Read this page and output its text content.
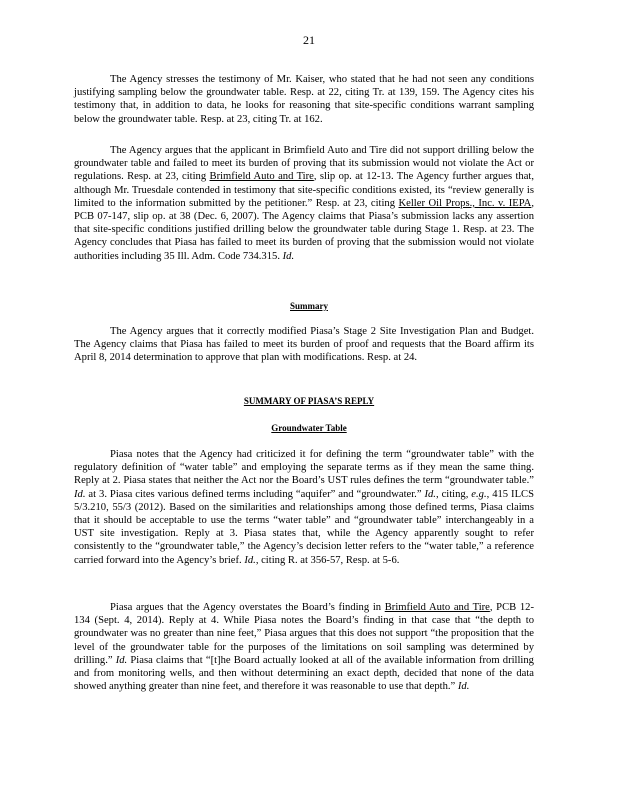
21

The Agency stresses the testimony of Mr. Kaiser, who stated that he had not seen any conditions justifying sampling below the groundwater table. Resp. at 22, citing Tr. at 139, 159. The Agency cites his testimony that, in addition to data, he looks for reasoning that site-specific conditions warrant sampling below the groundwater table. Resp. at 23, citing Tr. at 162.

The Agency argues that the applicant in Brimfield Auto and Tire did not support drilling below the groundwater table and failed to meet its burden of proving that its submission would not violate the Act or regulations. Resp. at 23, citing Brimfield Auto and Tire, slip op. at 12-13. The Agency further argues that, although Mr. Truesdale contended in testimony that site-specific conditions existed, its “review generally is limited to the information submitted by the petitioner.” Resp. at 23, citing Keller Oil Props., Inc. v. IEPA, PCB 07-147, slip op. at 38 (Dec. 6, 2007). The Agency claims that Piasa’s submission lacks any assertion that site-specific conditions justified drilling below the groundwater table during Stage 1. Resp. at 23. The Agency concludes that Piasa has failed to meet its burden of proving that the submission would not violate authorities including 35 Ill. Adm. Code 734.315. Id.

Summary

The Agency argues that it correctly modified Piasa’s Stage 2 Site Investigation Plan and Budget. The Agency claims that Piasa has failed to meet its burden of proof and requests that the Board affirm its April 8, 2014 determination to approve that plan with modifications. Resp. at 24.

SUMMARY OF PIASA’S REPLY
Groundwater Table

Piasa notes that the Agency had criticized it for defining the term “groundwater table” with the regulatory definition of “water table” and employing the separate terms as if they mean the same thing. Reply at 2. Piasa states that neither the Act nor the Board’s UST rules defines the term “groundwater table.” Id. at 3. Piasa cites various defined terms including “aquifer” and “groundwater.” Id., citing, e.g., 415 ILCS 5/3.210, 55/3 (2012). Based on the similarities and relationships among those defined terms, Piasa claims that it should be acceptable to use the terms “water table” and “groundwater table” interchangeably in a UST site investigation. Reply at 3. Piasa states that, while the Agency apparently sought to refer consistently to the “groundwater table,” the Agency’s decision letter refers to the “water table,” a reference carried forward into the Agency’s brief. Id., citing R. at 356-57, Resp. at 5-6.

Piasa argues that the Agency overstates the Board’s finding in Brimfield Auto and Tire, PCB 12-134 (Sept. 4, 2014). Reply at 4. While Piasa notes the Board’s finding in that case that “the depth to groundwater was no greater than nine feet,” Piasa argues that this does not support “the proposition that the level of the groundwater table for the purposes of the limitations on soil sampling was determined by drilling.” Id. Piasa claims that “[t]he Board actually looked at all of the available information from drilling and from monitoring wells, and then without determining an exact depth, decided that none of the data showed anything greater than nine feet, and therefore it was reasonable to use that depth.” Id.
